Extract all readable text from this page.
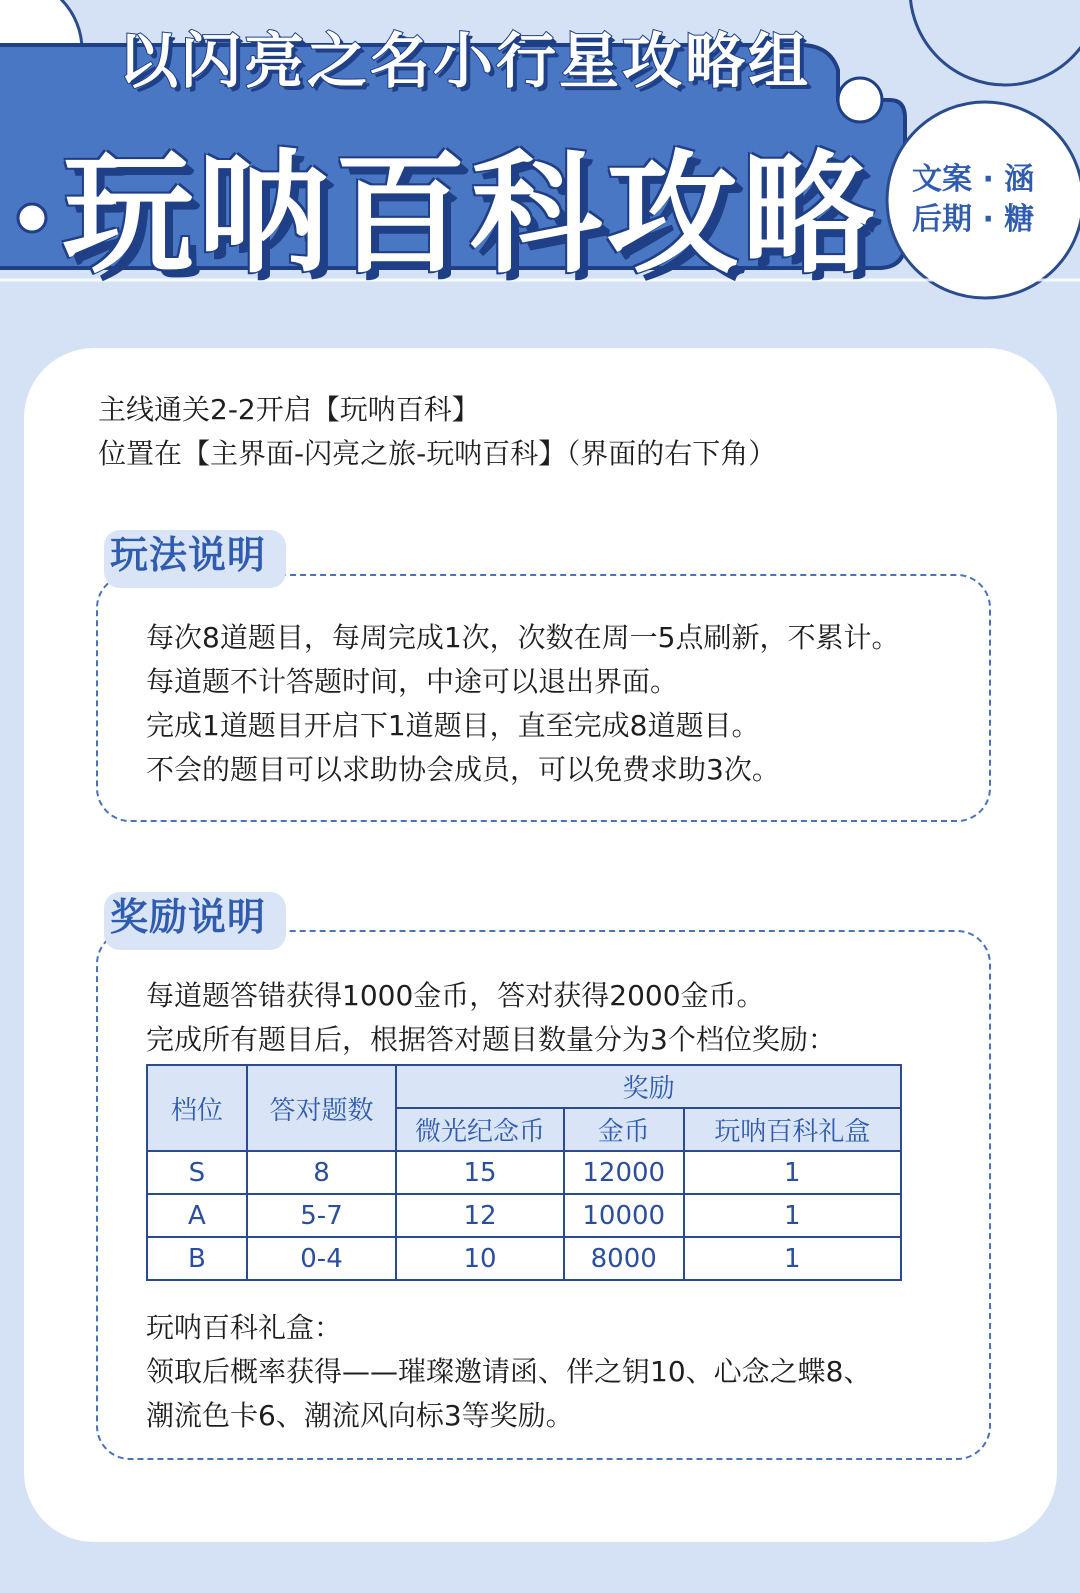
以闪亮之名小行星攻略组
玩呐百科攻略 文案 · 涵
后期 · 糖
主线通关2-2开启【玩呐百科】
位置在【主界面-闪亮之旅-玩呐百科】（界面的右下角）
玩法说明
每次8道题目，每周完成1次，次数在周一5点刷新，不累计。
每道题不计答题时间，中途可以退出界面。
完成1道题目开启下1道题目，直至完成8道题目。
不会的题目可以求助协会成员，可以免费求助3次。
奖励说明
每道题答错获得1000金币，答对获得2000金币。
完成所有题目后，根据答对题目数量分为3个档位奖励：
档位	答对题数	奖励		
		微光纪念币	金币	玩呐百科礼盒
S	8	15	12000	1
A	5-7	12	10000	1
B	0-4	10	8000	1
玩呐百科礼盒：
领取后概率获得——璀璨邀请函、伴之钥10、心念之蝶8、
潮流色卡6、潮流风向标3等奖励。
